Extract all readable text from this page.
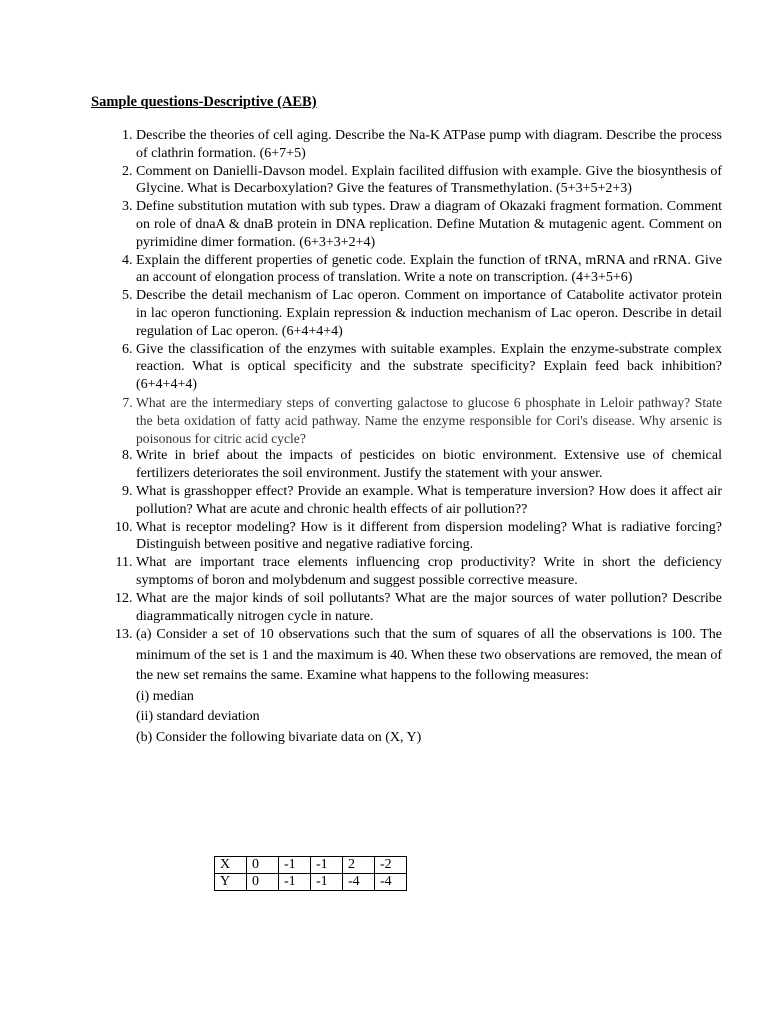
Sample questions-Descriptive (AEB)
1. Describe the theories of cell aging. Describe the Na-K ATPase pump with diagram. Describe the process of clathrin formation. (6+7+5)
2. Comment on Danielli-Davson model. Explain facilited diffusion with example. Give the biosynthesis of Glycine. What is Decarboxylation? Give the features of Transmethylation. (5+3+5+2+3)
3. Define substitution mutation with sub types. Draw a diagram of Okazaki fragment formation. Comment on role of dnaA & dnaB protein in DNA replication. Define Mutation & mutagenic agent. Comment on pyrimidine dimer formation. (6+3+3+2+4)
4. Explain the different properties of genetic code. Explain the function of tRNA, mRNA and rRNA. Give an account of elongation process of translation. Write a note on transcription. (4+3+5+6)
5. Describe the detail mechanism of Lac operon. Comment on importance of Catabolite activator protein in lac operon functioning. Explain repression & induction mechanism of Lac operon. Describe in detail regulation of Lac operon. (6+4+4+4)
6. Give the classification of the enzymes with suitable examples. Explain the enzyme-substrate complex reaction. What is optical specificity and the substrate specificity? Explain feed back inhibition? (6+4+4+4)
7. What are the intermediary steps of converting galactose to glucose 6 phosphate in Leloir pathway? State the beta oxidation of fatty acid pathway. Name the enzyme responsible for Cori's disease. Why arsenic is poisonous for citric acid cycle?
8. Write in brief about the impacts of pesticides on biotic environment. Extensive use of chemical fertilizers deteriorates the soil environment. Justify the statement with your answer.
9. What is grasshopper effect? Provide an example. What is temperature inversion? How does it affect air pollution? What are acute and chronic health effects of air pollution??
10. What is receptor modeling? How is it different from dispersion modeling? What is radiative forcing? Distinguish between positive and negative radiative forcing.
11. What are important trace elements influencing crop productivity? Write in short the deficiency symptoms of boron and molybdenum and suggest possible corrective measure.
12. What are the major kinds of soil pollutants? What are the major sources of water pollution? Describe diagrammatically nitrogen cycle in nature.

13. (a) Consider a set of 10 observations such that the sum of squares of all the observations is 100. The minimum of the set is 1 and the maximum is 40. When these two observations are removed, the mean of the new set remains the same. Examine what happens to the following measures:

(i) median
(ii) standard deviation

(b) Consider the following bivariate data on (X, Y)

X	0	-1	-1	2	-2
Y	0	-1	-1	-4	-4
